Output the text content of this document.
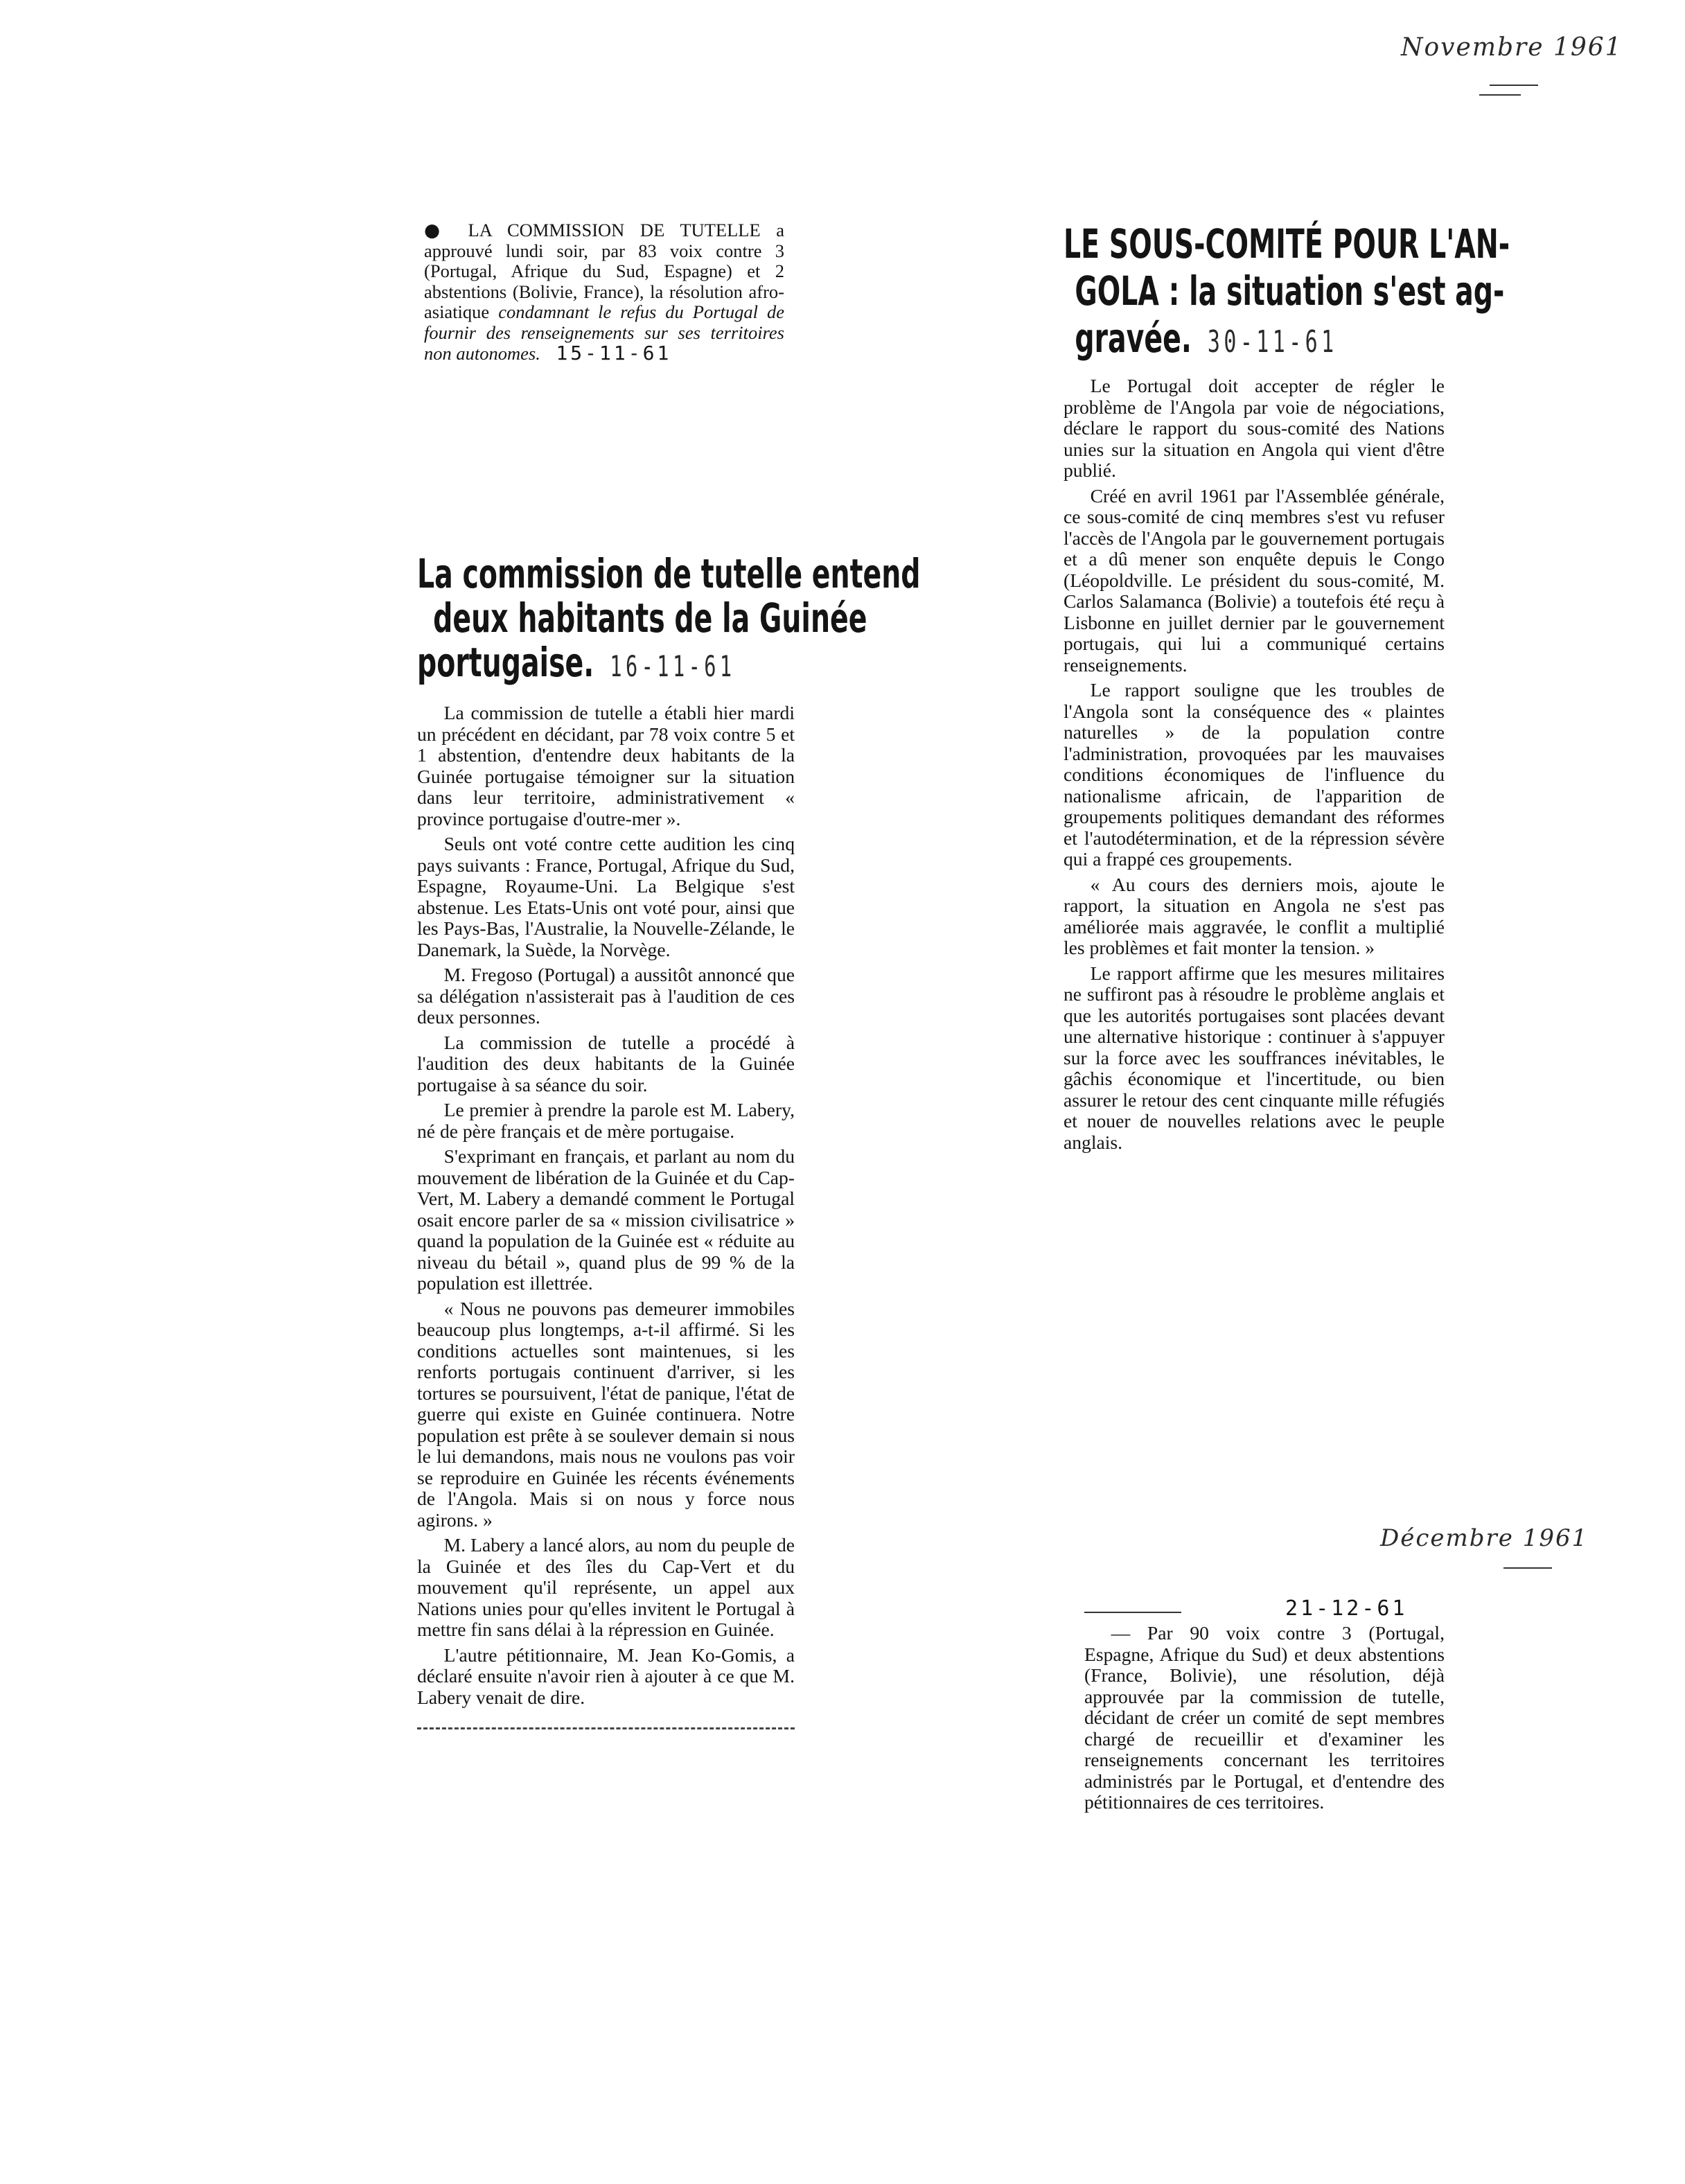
Novembre 1961
Décembre 1961

● LA COMMISSION DE TUTELLE a approuvé lundi soir, par 83 voix contre 3 (Portugal, Afrique du Sud, Espagne) et 2 abstentions (Bolivie, France), la résolution afro-asiatique condamnant le refus du Portugal de fournir des renseignements sur ses territoires non autonomes. 15-11-61

La commission de tutelle entend
deux habitants de la Guinée
portugaise. 16-11-61

La commission de tutelle a établi hier mardi un précédent en décidant, par 78 voix contre 5 et 1 abstention, d'entendre deux habitants de la Guinée portugaise témoigner sur la situation dans leur territoire, administrativement « province portugaise d'outre-mer ».

Seuls ont voté contre cette audition les cinq pays suivants : France, Portugal, Afrique du Sud, Espagne, Royaume-Uni. La Belgique s'est abstenue. Les Etats-Unis ont voté pour, ainsi que les Pays-Bas, l'Australie, la Nouvelle-Zélande, le Danemark, la Suède, la Norvège.

M. Fregoso (Portugal) a aussitôt annoncé que sa délégation n'assisterait pas à l'audition de ces deux personnes.

La commission de tutelle a procédé à l'audition des deux habitants de la Guinée portugaise à sa séance du soir.

Le premier à prendre la parole est M. Labery, né de père français et de mère portugaise.

S'exprimant en français, et parlant au nom du mouvement de libération de la Guinée et du Cap-Vert, M. Labery a demandé comment le Portugal osait encore parler de sa « mission civilisatrice » quand la population de la Guinée est « réduite au niveau du bétail », quand plus de 99 % de la population est illettrée.

« Nous ne pouvons pas demeurer immobiles beaucoup plus longtemps, a-t-il affirmé. Si les conditions actuelles sont maintenues, si les renforts portugais continuent d'arriver, si les tortures se poursuivent, l'état de panique, l'état de guerre qui existe en Guinée continuera. Notre population est prête à se soulever demain si nous le lui demandons, mais nous ne voulons pas voir se reproduire en Guinée les récents événements de l'Angola. Mais si on nous y force nous agirons. »

M. Labery a lancé alors, au nom du peuple de la Guinée et des îles du Cap-Vert et du mouvement qu'il représente, un appel aux Nations unies pour qu'elles invitent le Portugal à mettre fin sans délai à la répression en Guinée.

L'autre pétitionnaire, M. Jean Ko-Gomis, a déclaré ensuite n'avoir rien à ajouter à ce que M. Labery venait de dire.

LE SOUS-COMITÉ POUR L'AN-
GOLA : la situation s'est ag-
gravée. 30-11-61

Le Portugal doit accepter de régler le problème de l'Angola par voie de négociations, déclare le rapport du sous-comité des Nations unies sur la situation en Angola qui vient d'être publié.

Créé en avril 1961 par l'Assemblée générale, ce sous-comité de cinq membres s'est vu refuser l'accès de l'Angola par le gouvernement portugais et a dû mener son enquête depuis le Congo (Léopoldville. Le président du sous-comité, M. Carlos Salamanca (Bolivie) a toutefois été reçu à Lisbonne en juillet dernier par le gouvernement portugais, qui lui a communiqué certains renseignements.

Le rapport souligne que les troubles de l'Angola sont la conséquence des « plaintes naturelles » de la population contre l'administration, provoquées par les mauvaises conditions économiques de l'influence du nationalisme africain, de l'apparition de groupements politiques demandant des réformes et l'autodétermination, et de la répression sévère qui a frappé ces groupements.

« Au cours des derniers mois, ajoute le rapport, la situation en Angola ne s'est pas améliorée mais aggravée, le conflit a multiplié les problèmes et fait monter la tension. »

Le rapport affirme que les mesures militaires ne suffiront pas à résoudre le problème anglais et que les autorités portugaises sont placées devant une alternative historique : continuer à s'appuyer sur la force avec les souffrances inévitables, le gâchis économique et l'incertitude, ou bien assurer le retour des cent cinquante mille réfugiés et nouer de nouvelles relations avec le peuple anglais.

21-12-61

— Par 90 voix contre 3 (Portugal, Espagne, Afrique du Sud) et deux abstentions (France, Bolivie), une résolution, déjà approuvée par la commission de tutelle, décidant de créer un comité de sept membres chargé de recueillir et d'examiner les renseignements concernant les territoires administrés par le Portugal, et d'entendre des pétitionnaires de ces territoires.
